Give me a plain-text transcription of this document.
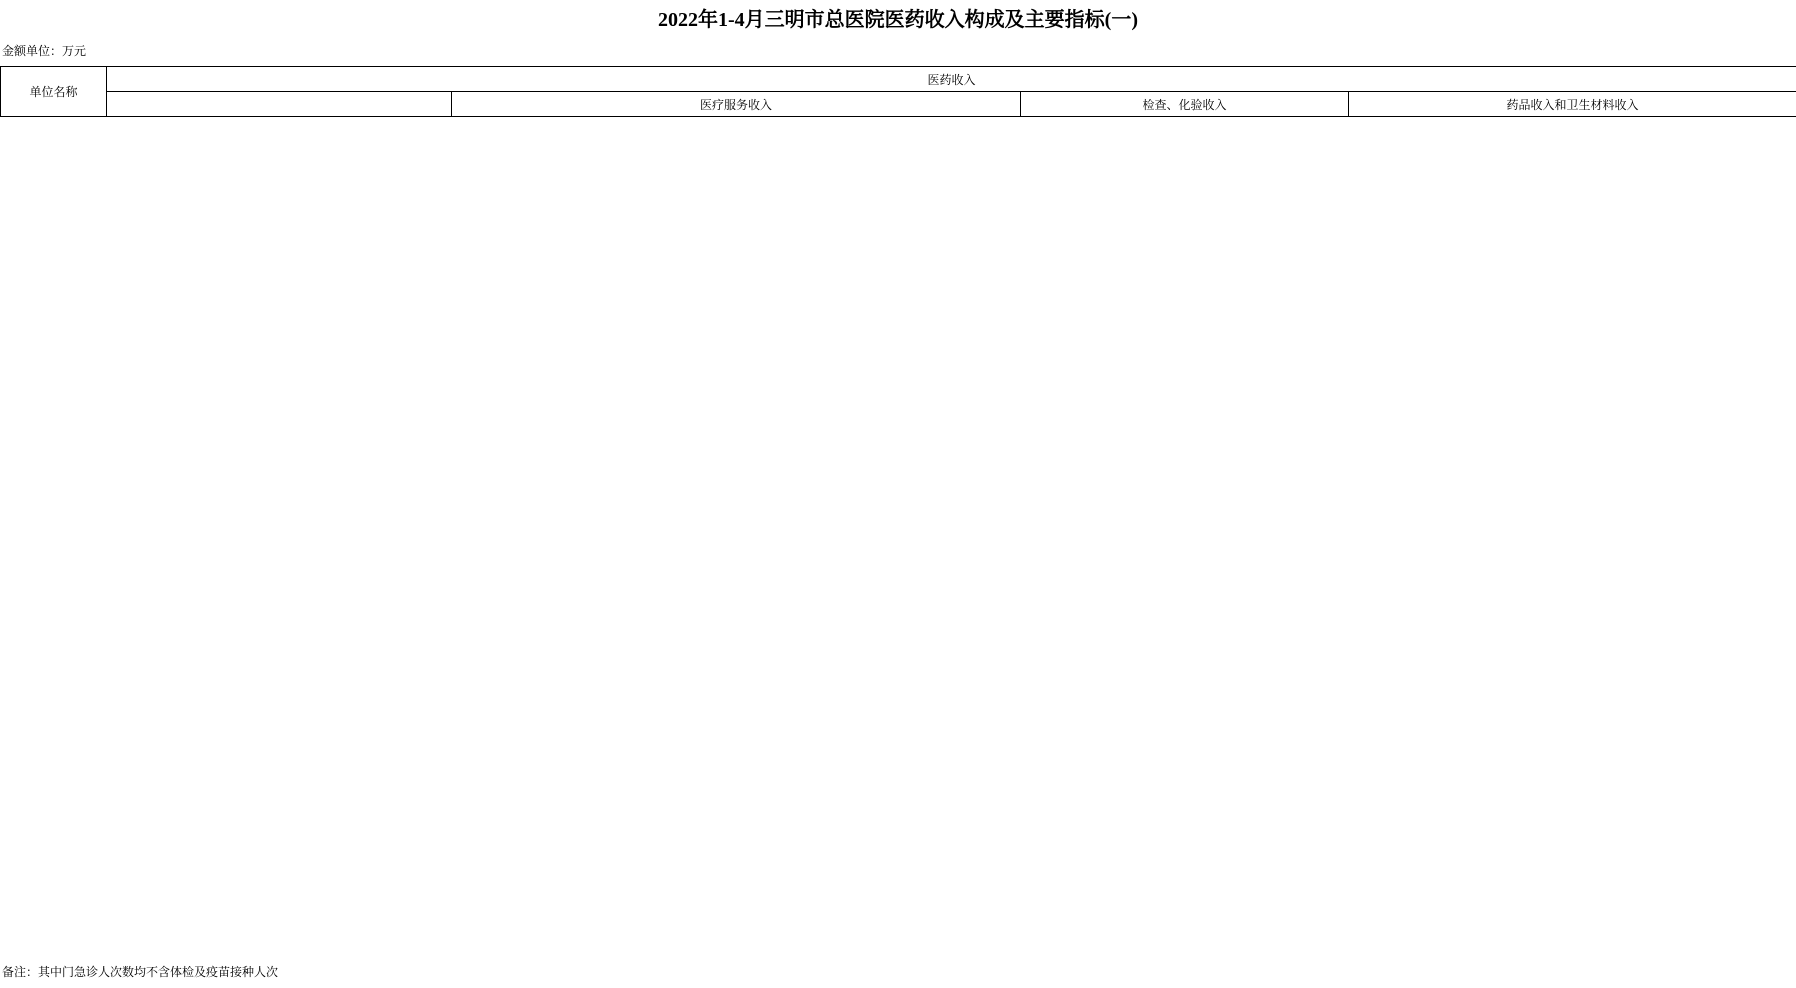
2022年1-4月三明市总医院医药收入构成及主要指标(一)
金额单位：万元
单位名称	医药收入			
		医疗服务收入	检查、化验收入	药品收入和卫生材料收入
备注：其中门急诊人次数均不含体检及疫苗接种人次
